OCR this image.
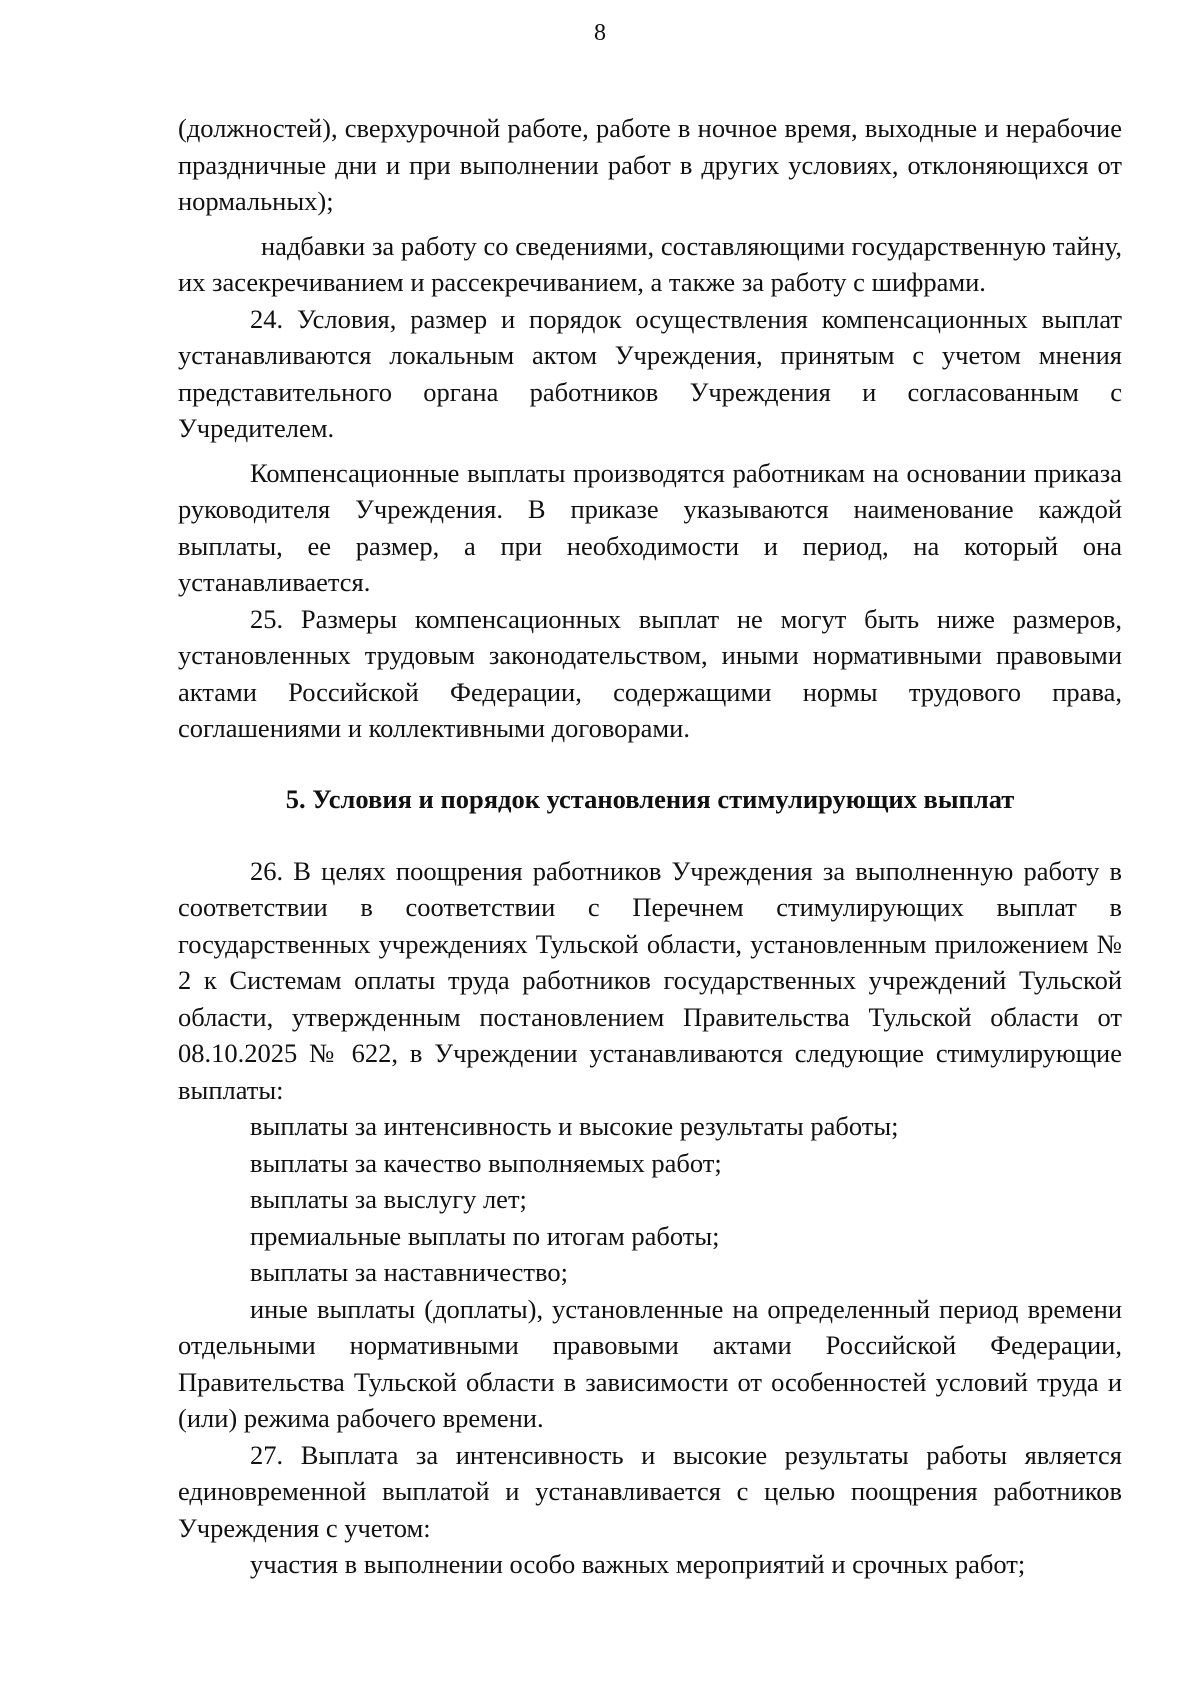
8

(должностей), сверхурочной работе, работе в ночное время, выходные и нерабочие праздничные дни и при выполнении работ в других условиях, отклоняющихся от нормальных);

надбавки за работу со сведениями, составляющими государственную тайну, их засекречиванием и рассекречиванием, а также за работу с шифрами.

24. Условия, размер и порядок осуществления компенсационных выплат устанавливаются локальным актом Учреждения, принятым с учетом мнения представительного органа работников Учреждения и согласованным с Учредителем.

Компенсационные выплаты производятся работникам на основании приказа руководителя Учреждения. В приказе указываются наименование каждой выплаты, ее размер, а при необходимости и период, на который она устанавливается.

25. Размеры компенсационных выплат не могут быть ниже размеров, установленных трудовым законодательством, иными нормативными правовыми актами Российской Федерации, содержащими нормы трудового права, соглашениями и коллективными договорами.

5. Условия и порядок установления стимулирующих выплат

26. В целях поощрения работников Учреждения за выполненную работу в соответствии в соответствии с Перечнем стимулирующих выплат в государственных учреждениях Тульской области, установленным приложением № 2 к Системам оплаты труда работников государственных учреждений Тульской области, утвержденным постановлением Правительства Тульской области от 08.10.2025 № 622, в Учреждении устанавливаются следующие стимулирующие выплаты:

выплаты за интенсивность и высокие результаты работы;

выплаты за качество выполняемых работ;

выплаты за выслугу лет;

премиальные выплаты по итогам работы;

выплаты за наставничество;

иные выплаты (доплаты), установленные на определенный период времени отдельными нормативными правовыми актами Российской Федерации, Правительства Тульской области в зависимости от особенностей условий труда и (или) режима рабочего времени.

27. Выплата за интенсивность и высокие результаты работы является единовременной выплатой и устанавливается с целью поощрения работников Учреждения с учетом:

участия в выполнении особо важных мероприятий и срочных работ;
